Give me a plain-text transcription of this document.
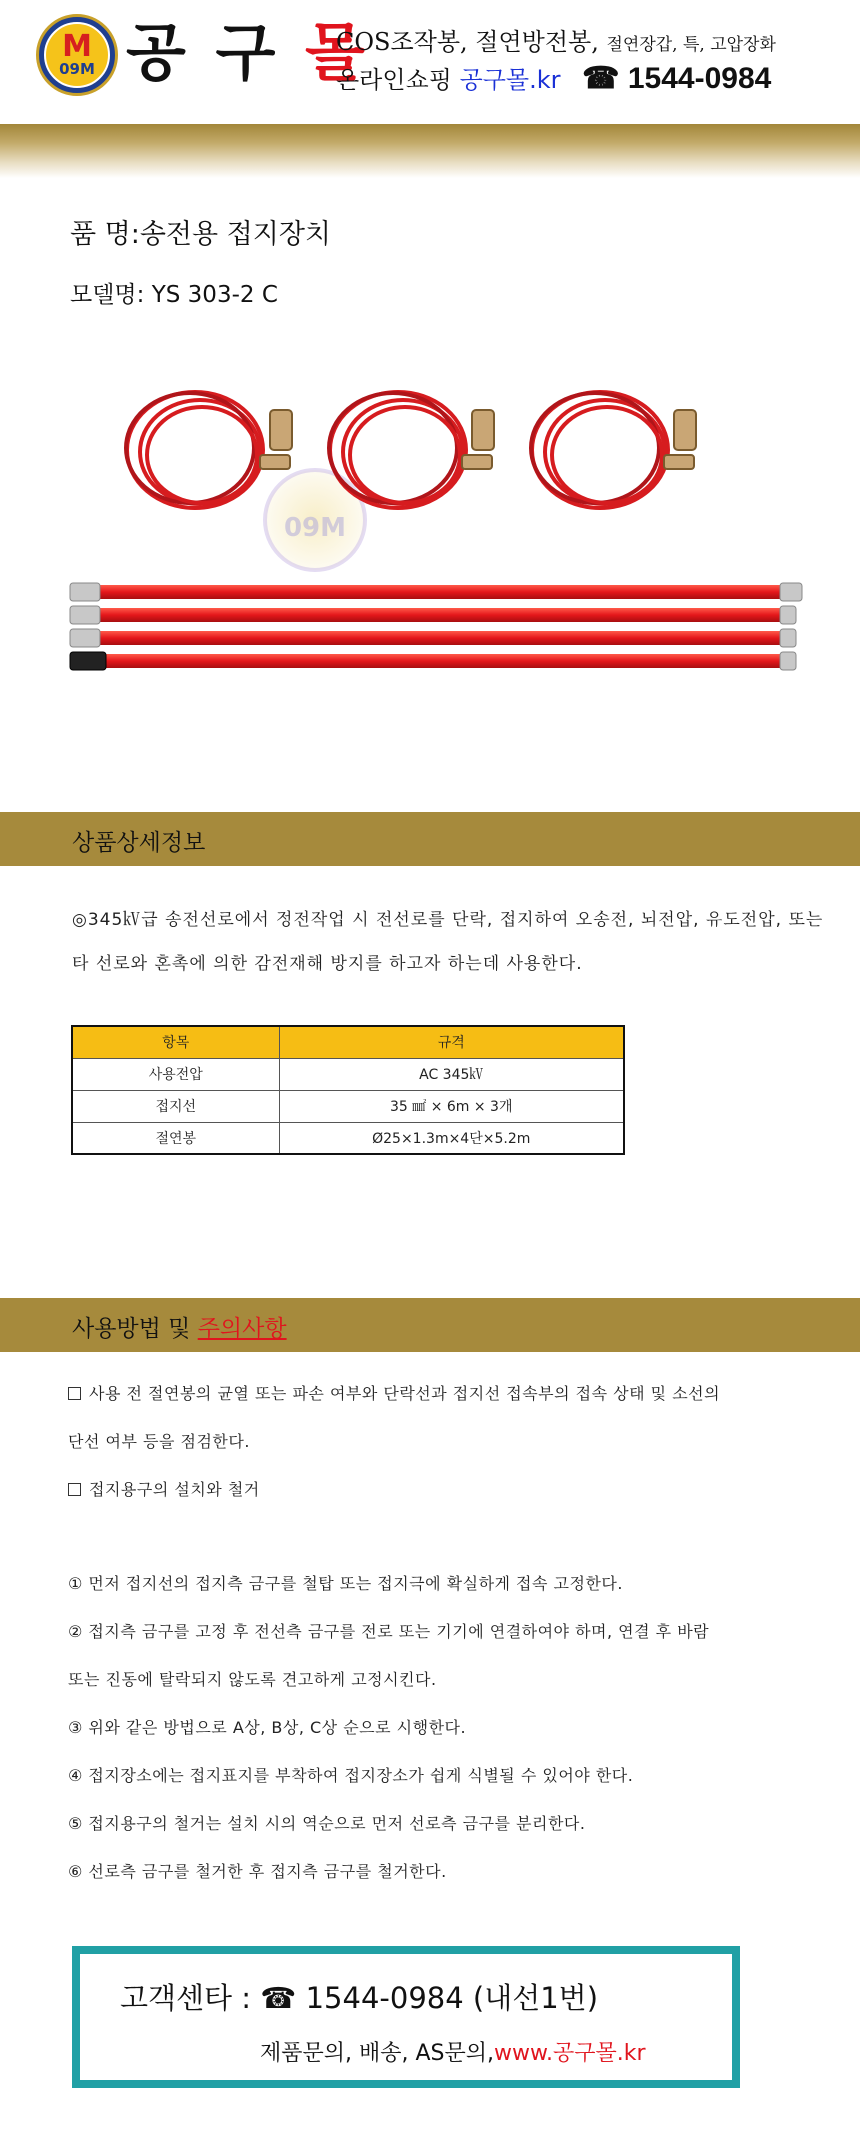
M
09M 공 구 몰
COS조작봉, 절연방전봉, 절연장갑, 특, 고압장화
온라인쇼핑 공구몰.kr ☎ 1544-0984
품 명:송전용 접지장치
모델명: YS 303-2 C
09M
상품상세정보
◎345㎸급 송전선로에서 정전작업 시 전선로를 단락, 접지하여 오송전, 뇌전압, 유도전압, 또는 타 선로와 혼촉에 의한 감전재해 방지를 하고자 하는데 사용한다.
항목	규격
사용전압	AC 345㎸
접지선	35 ㎟ × 6m × 3개
절연봉	Ø25×1.3m×4단×5.2m
사용방법 및 주의사항
사용 전 절연봉의 균열 또는 파손 여부와 단락선과 접지선 접속부의 접속 상태 및 소선의
단선 여부 등을 점검한다.
접지용구의 설치와 철거
① 먼저 접지선의 접지측 금구를 철탑 또는 접지극에 확실하게 접속 고정한다.
② 접지측 금구를 고정 후 전선측 금구를 전로 또는 기기에 연결하여야 하며, 연결 후 바람
또는 진동에 탈락되지 않도록 견고하게 고정시킨다.
③ 위와 같은 방법으로 A상, B상, C상 순으로 시행한다.
④ 접지장소에는 접지표지를 부착하여 접지장소가 쉽게 식별될 수 있어야 한다.
⑤ 접지용구의 철거는 설치 시의 역순으로 먼저 선로측 금구를 분리한다.
⑥ 선로측 금구를 철거한 후 접지측 금구를 철거한다.
고객센타 : ☎ 1544-0984 (내선1번)
제품문의, 배송, AS문의,www.공구몰.kr
